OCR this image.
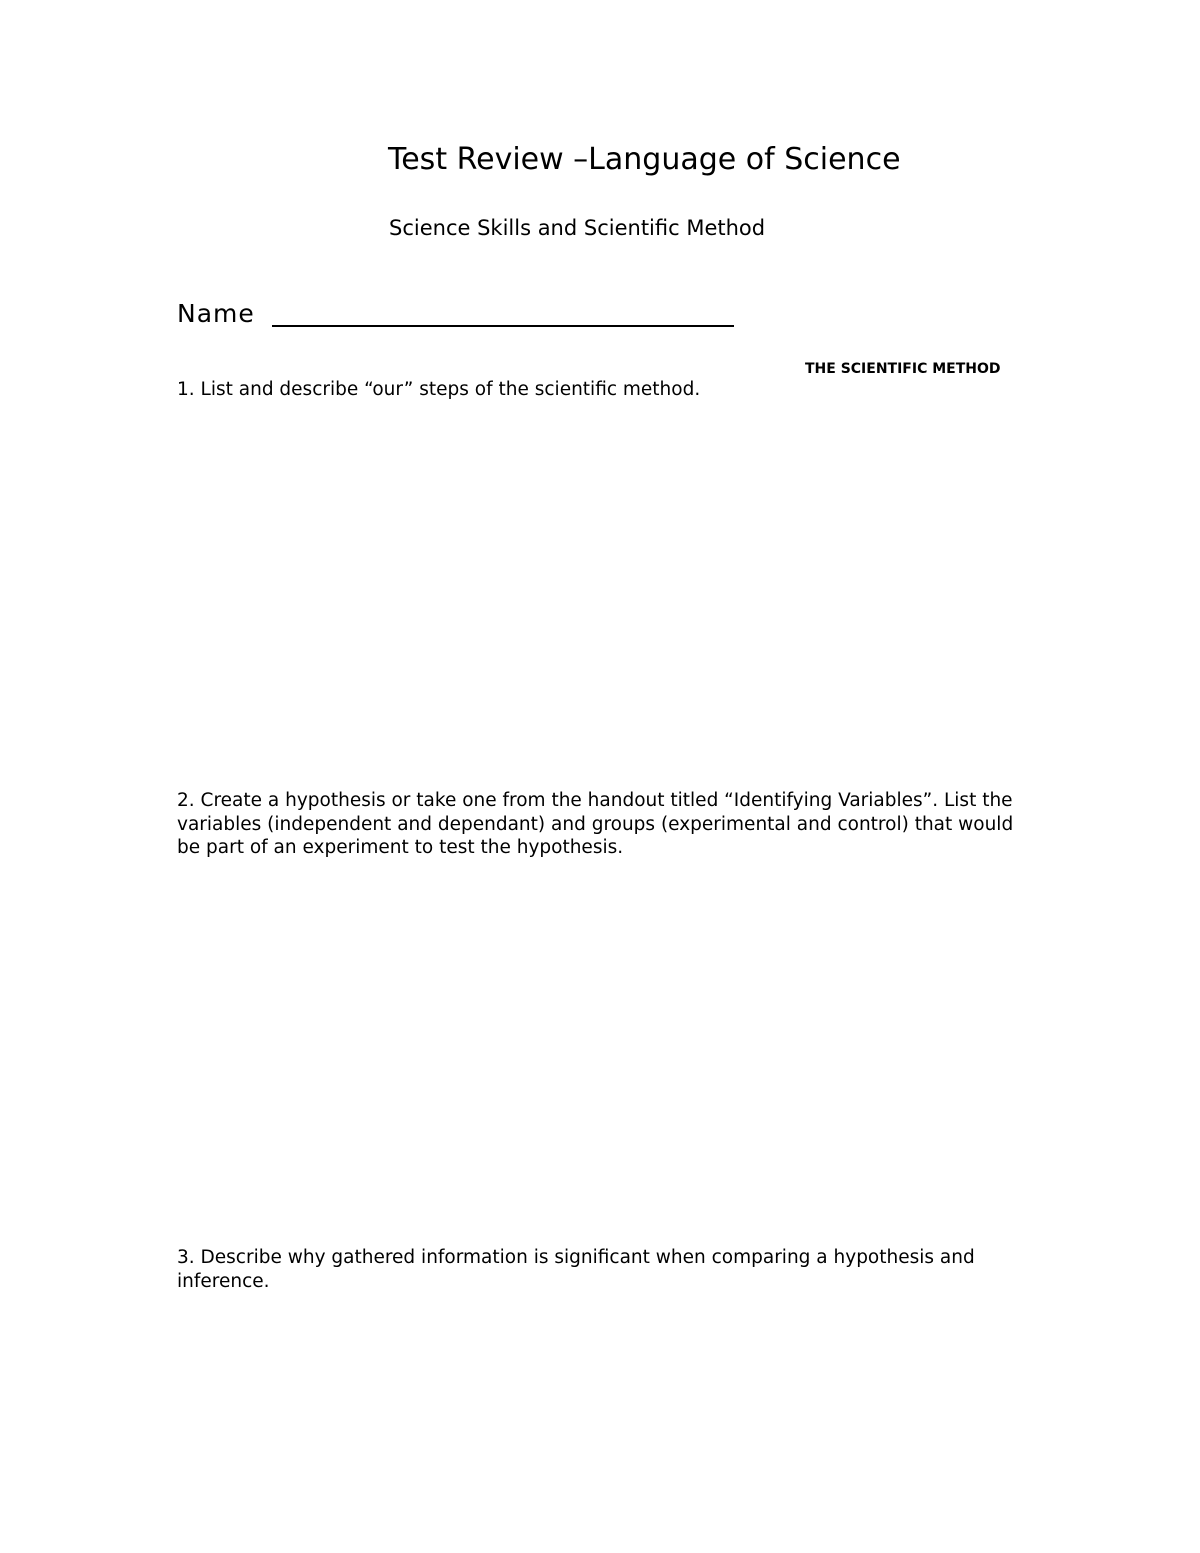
Test Review –Language of Science
Science Skills and Scientific Method
Name
THE SCIENTIFIC METHOD

1. List and describe “our” steps of the scientific method.

2. Create a hypothesis or take one from the handout titled “Identifying Variables”. List the variables (independent and dependant) and groups (experimental and control) that would be part of an experiment to test the hypothesis.

3. Describe why gathered information is significant when comparing a hypothesis and inference.
